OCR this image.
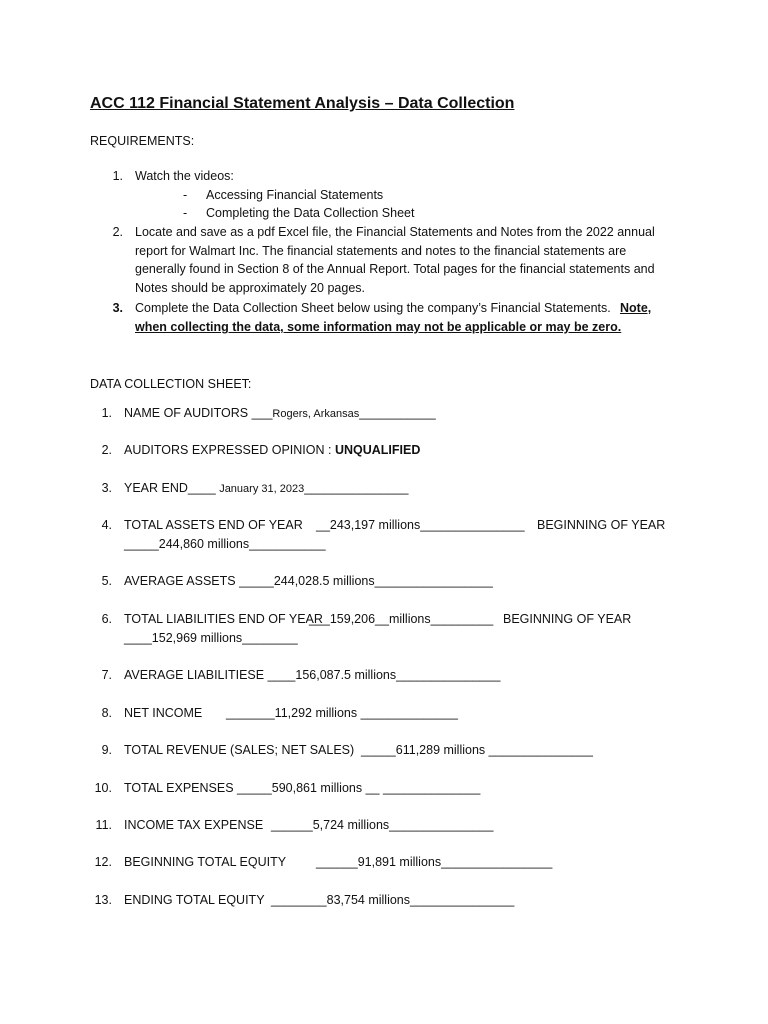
ACC 112 Financial Statement Analysis – Data Collection
REQUIREMENTS:
1. Watch the videos:
- Accessing Financial Statements
- Completing the Data Collection Sheet
2. Locate and save as a pdf Excel file, the Financial Statements and Notes from the 2022 annual
report for Walmart Inc. The financial statements and notes to the financial statements are
generally found in Section 8 of the Annual Report. Total pages for the financial statements and
Notes should be approximately 20 pages.
3. Complete the Data Collection Sheet below using the company’s Financial Statements. Note,
when collecting the data, some information may not be applicable or may be zero.
DATA COLLECTION SHEET:
1. NAME OF AUDITORS ___Rogers, Arkansas___________
2. AUDITORS EXPRESSED OPINION : UNQUALIFIED
3. YEAR END____ January 31, 2023_______________
4. TOTAL ASSETS END OF YEAR __243,197 millions_______________ BEGINNING OF YEAR
_____244,860 millions___________
5. AVERAGE ASSETS _____244,028.5 millions_________________
6. TOTAL LIABILITIES END OF YEAR
___159,206__millions_________ BEGINNING OF YEAR
____152,969 millions________
7. AVERAGE LIABILITIESE ____156,087.5 millions_______________
8. NET INCOME _______11,292 millions ______________
9. TOTAL REVENUE (SALES; NET SALES) _____611,289 millions _______________
10. TOTAL EXPENSES _____590,861 millions __ ______________
11. INCOME TAX EXPENSE ______5,724 millions_______________
12. BEGINNING TOTAL EQUITY ______91,891 millions________________
13. ENDING TOTAL EQUITY ________83,754 millions_______________
